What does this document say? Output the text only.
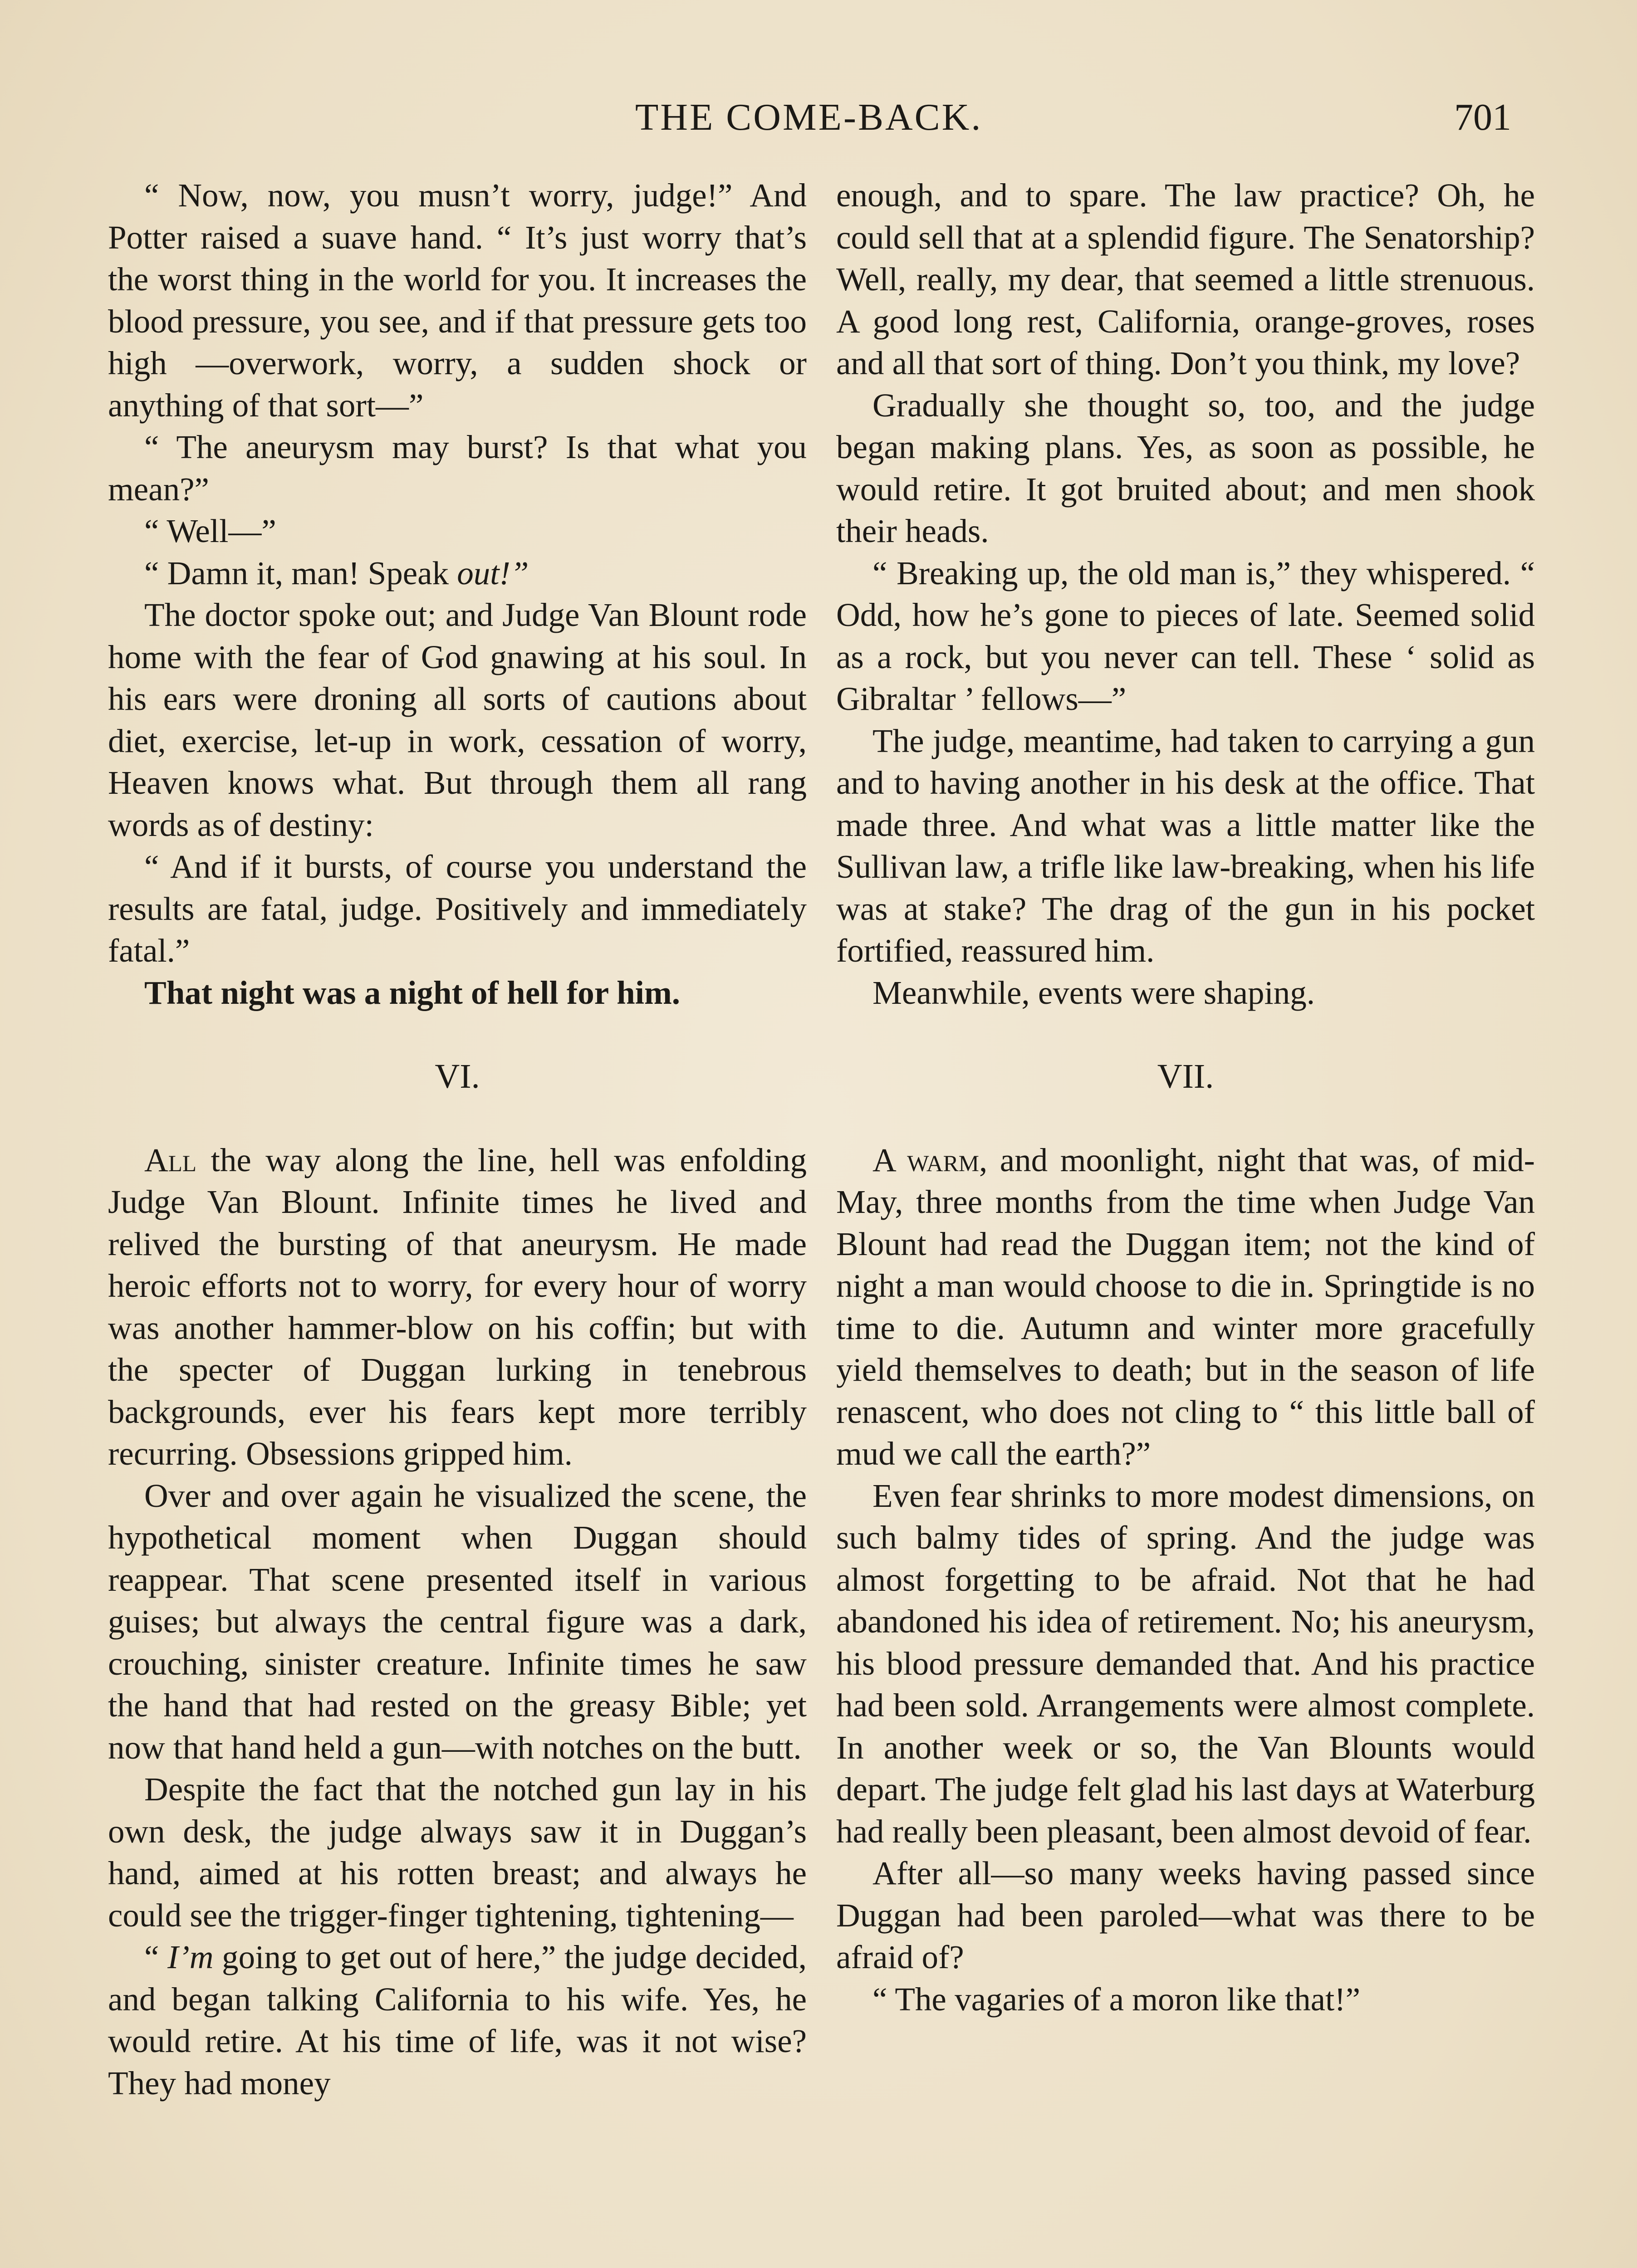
THE COME-BACK.	701

“ Now, now, you musn’t worry, judge!” And Potter raised a suave hand. “ It’s just worry that’s the worst thing in the world for you. It increases the blood pressure, you see, and if that pressure gets too high —overwork, worry, a sudden shock or anything of that sort—”

“ The aneurysm may burst? Is that what you mean?”

“ Well—”

“ Damn it, man! Speak out!”

The doctor spoke out; and Judge Van Blount rode home with the fear of God gnawing at his soul. In his ears were droning all sorts of cautions about diet, exercise, let-up in work, cessation of worry, Heaven knows what. But through them all rang words as of destiny:

“ And if it bursts, of course you understand the results are fatal, judge. Positively and immediately fatal.”

That night was a night of hell for him.

VI.

All the way along the line, hell was enfolding Judge Van Blount. Infinite times he lived and relived the bursting of that aneurysm. He made heroic efforts not to worry, for every hour of worry was another hammer-blow on his coffin; but with the specter of Duggan lurking in tenebrous backgrounds, ever his fears kept more terribly recurring. Obsessions gripped him.

Over and over again he visualized the scene, the hypothetical moment when Duggan should reappear. That scene presented itself in various guises; but always the central figure was a dark, crouching, sinister creature. Infinite times he saw the hand that had rested on the greasy Bible; yet now that hand held a gun—with notches on the butt.

Despite the fact that the notched gun lay in his own desk, the judge always saw it in Duggan’s hand, aimed at his rotten breast; and always he could see the trigger-finger tightening, tightening—

“ I’m going to get out of here,” the judge decided, and began talking California to his wife. Yes, he would retire. At his time of life, was it not wise? They had money

enough, and to spare. The law practice? Oh, he could sell that at a splendid figure. The Senatorship? Well, really, my dear, that seemed a little strenuous. A good long rest, California, orange-groves, roses and all that sort of thing. Don’t you think, my love?

Gradually she thought so, too, and the judge began making plans. Yes, as soon as possible, he would retire. It got bruited about; and men shook their heads.

“ Breaking up, the old man is,” they whispered. “ Odd, how he’s gone to pieces of late. Seemed solid as a rock, but you never can tell. These ‘ solid as Gibraltar ’ fellows—”

The judge, meantime, had taken to carrying a gun and to having another in his desk at the office. That made three. And what was a little matter like the Sullivan law, a trifle like law-breaking, when his life was at stake? The drag of the gun in his pocket fortified, reassured him.

Meanwhile, events were shaping.

VII.

A warm, and moonlight, night that was, of mid-May, three months from the time when Judge Van Blount had read the Duggan item; not the kind of night a man would choose to die in. Springtide is no time to die. Autumn and winter more gracefully yield themselves to death; but in the season of life renascent, who does not cling to “ this little ball of mud we call the earth?”

Even fear shrinks to more modest dimensions, on such balmy tides of spring. And the judge was almost forgetting to be afraid. Not that he had abandoned his idea of retirement. No; his aneurysm, his blood pressure demanded that. And his practice had been sold. Arrangements were almost complete. In another week or so, the Van Blounts would depart. The judge felt glad his last days at Waterburg had really been pleasant, been almost devoid of fear.

After all—so many weeks having passed since Duggan had been paroled—what was there to be afraid of?

“ The vagaries of a moron like that!”
